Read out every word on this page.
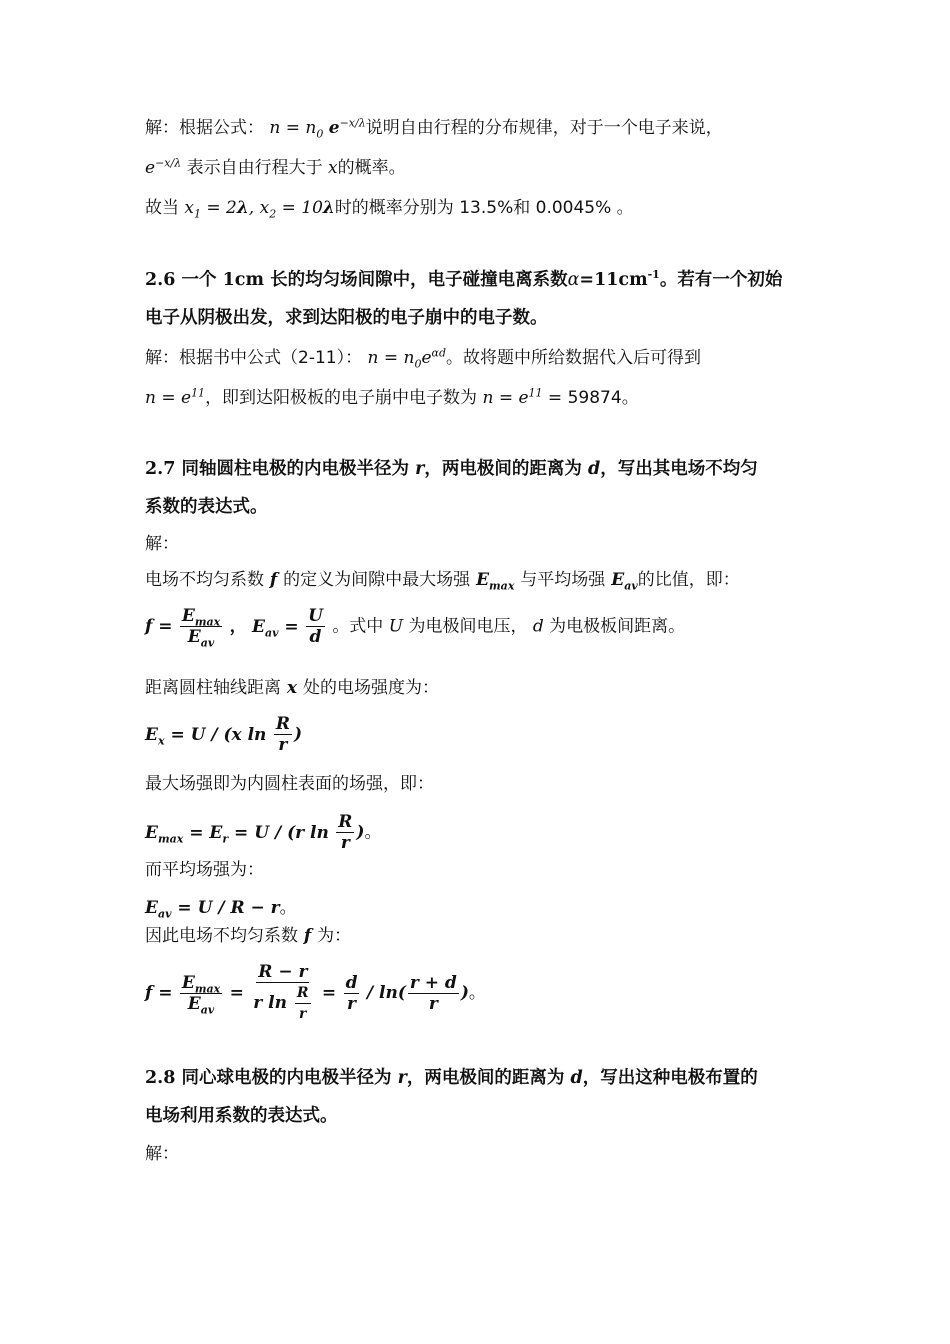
解：根据公式： $n = n_0$ $e^{-x/\lambda}$说明自由行程的分布规律，对于一个电子来说，
$e^{-x/\lambda}$ 表示自由行程大于 x的概率。
故当 $x_1 = 2\lambda$, $x_2 = 10\lambda$时的概率分别为 13.5%和 0.0045% 。
2.6 一个 1cm 长的均匀场间隙中，电子碰撞电离系数$\alpha=11cm^{-1}$。若有一个初始
电子从阴极出发，求到达阳极的电子崩中的电子数。
解：根据书中公式（2-11）： $n = n_0e^{\alpha d}$。故将题中所给数据代入后可得到
$n = e^{11}$，即到达阳极板的电子崩中电子数为 $n = e^{11} = 59874$。
2.7 同轴圆柱电极的内电极半径为 r，两电极间的距离为 d，写出其电场不均匀
系数的表达式。
解：
电场不均匀系数 f 的定义为间隙中最大场强 $E_{max}$ 与平均场强 $E_{av}$的比值，即：
$f = \frac{E_{max}}{E_{av}}$ ， $E_{av} = \frac{U}{d}$ 。式中 U 为电极间电压， d 为电极板间距离。
距离圆柱轴线距离 x 处的电场强度为：
$E_x = U / (x$ $\ln \frac{R}{r}$ )
最大场强即为内圆柱表面的场强，即：
$E_{max} = E_r = U / (r$ $\ln \frac{R}{r}$ )。
而平均场强为：
$E_{av} = U / R - r$。
因此电场不均匀系数 f 为：
$f = \frac{E_{max}}{E_{av}} = \frac{R - r}{r \ln \frac{R}{r}} = \frac{d}{r} / \ln( \frac{r + d}{r}$ )。
2.8 同心球电极的内电极半径为 r，两电极间的距离为 d，写出这种电极布置的
电场利用系数的表达式。
解：
